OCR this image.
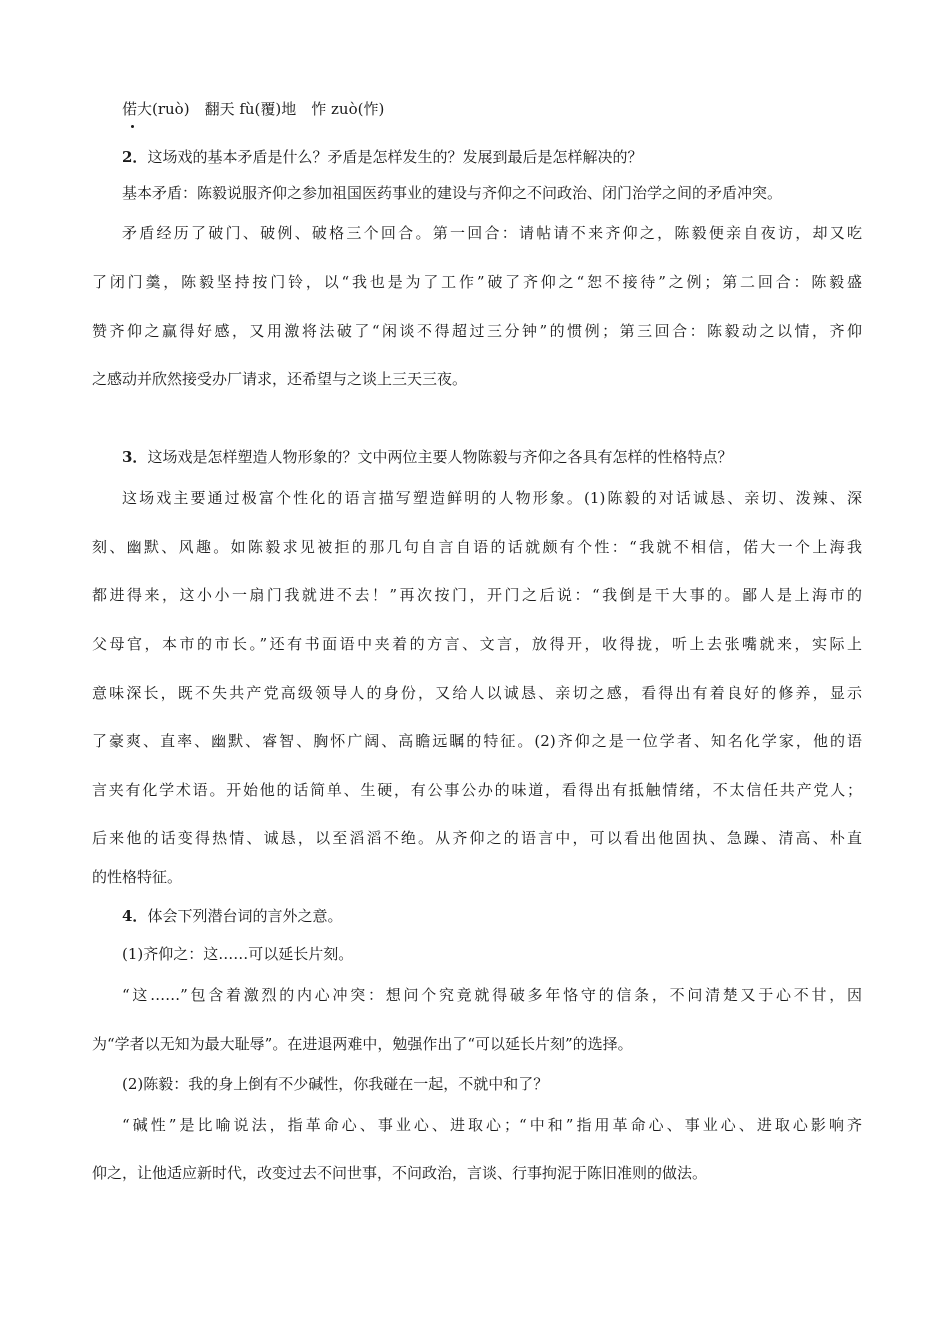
偌大(ruò)　翻天 fù(覆)地　怍 zuò(怍)
2．这场戏的基本矛盾是什么？矛盾是怎样发生的？发展到最后是怎样解决的？
基本矛盾：陈毅说服齐仰之参加祖国医药事业的建设与齐仰之不问政治、闭门治学之间的矛盾冲突。
矛盾经历了破门、破例、破格三个回合。第一回合：请帖请不来齐仰之，陈毅便亲自夜访，却又吃
了闭门羹，陈毅坚持按门铃，以“我也是为了工作”破了齐仰之“恕不接待”之例；第二回合：陈毅盛
赞齐仰之赢得好感，又用激将法破了“闲谈不得超过三分钟”的惯例；第三回合：陈毅动之以情，齐仰
之感动并欣然接受办厂请求，还希望与之谈上三天三夜。
3．这场戏是怎样塑造人物形象的？文中两位主要人物陈毅与齐仰之各具有怎样的性格特点？
这场戏主要通过极富个性化的语言描写塑造鲜明的人物形象。(1)陈毅的对话诚恳、亲切、泼辣、深
刻、幽默、风趣。如陈毅求见被拒的那几句自言自语的话就颇有个性：“我就不相信，偌大一个上海我
都进得来，这小小一扇门我就进不去！”再次按门，开门之后说：“我倒是干大事的。鄙人是上海市的
父母官，本市的市长。”还有书面语中夹着的方言、文言，放得开，收得拢，听上去张嘴就来，实际上
意味深长，既不失共产党高级领导人的身份，又给人以诚恳、亲切之感，看得出有着良好的修养，显示
了豪爽、直率、幽默、睿智、胸怀广阔、高瞻远瞩的特征。(2)齐仰之是一位学者、知名化学家，他的语
言夹有化学术语。开始他的话简单、生硬，有公事公办的味道，看得出有抵触情绪，不太信任共产党人；
后来他的话变得热情、诚恳，以至滔滔不绝。从齐仰之的语言中，可以看出他固执、急躁、清高、朴直
的性格特征。
4．体会下列潜台词的言外之意。
(1)齐仰之：这……可以延长片刻。
“这……”包含着激烈的内心冲突：想问个究竟就得破多年恪守的信条，不问清楚又于心不甘，因
为“学者以无知为最大耻辱”。在进退两难中，勉强作出了“可以延长片刻”的选择。
(2)陈毅：我的身上倒有不少碱性，你我碰在一起，不就中和了？
“碱性”是比喻说法，指革命心、事业心、进取心；“中和”指用革命心、事业心、进取心影响齐
仰之，让他适应新时代，改变过去不问世事，不问政治，言谈、行事拘泥于陈旧准则的做法。
